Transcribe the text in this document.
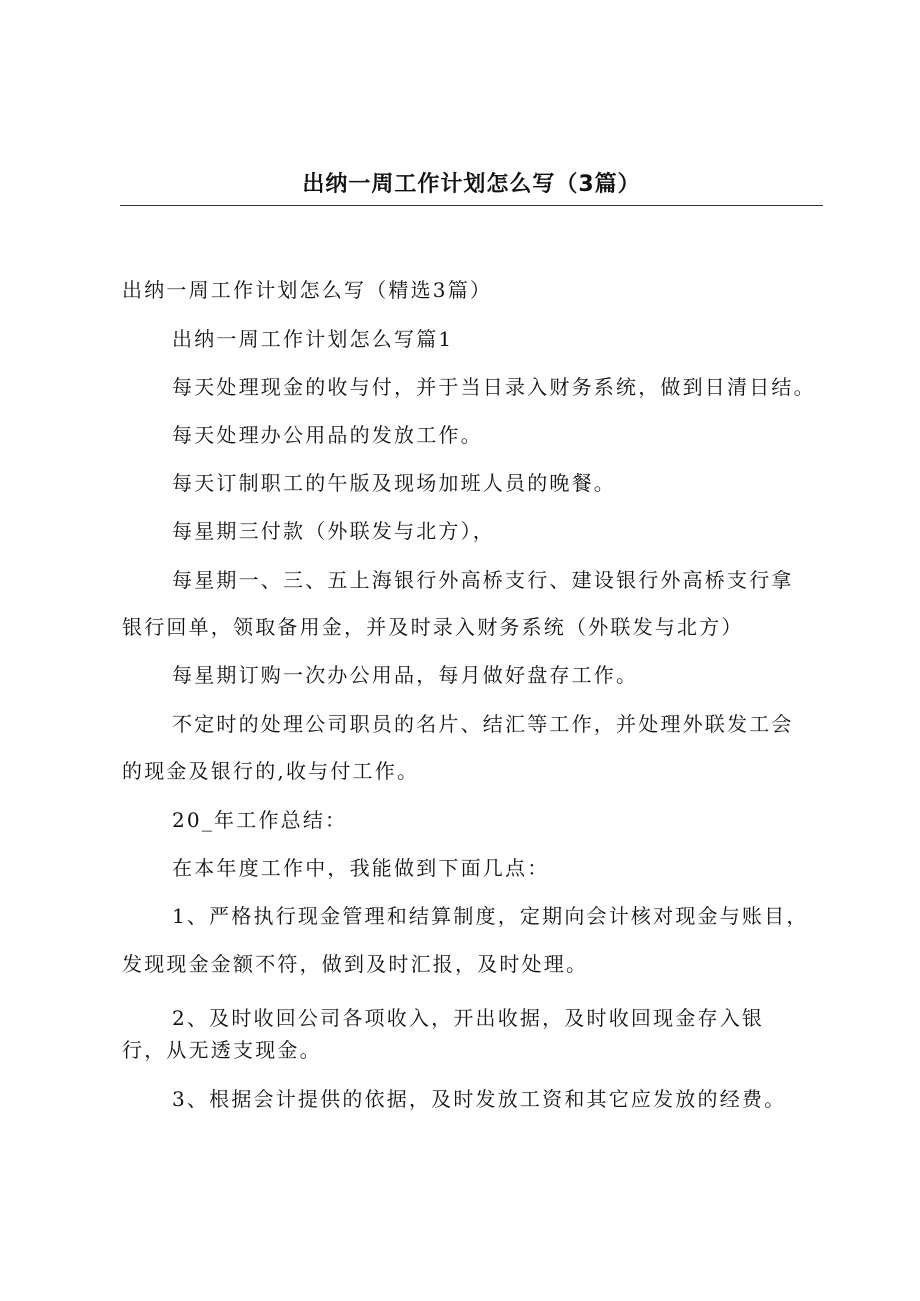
出纳一周工作计划怎么写（3篇）
出纳一周工作计划怎么写（精选3篇）
出纳一周工作计划怎么写篇1
每天处理现金的收与付，并于当日录入财务系统，做到日清日结。
每天处理办公用品的发放工作。
每天订制职工的午版及现场加班人员的晚餐。
每星期三付款（外联发与北方），
每星期一、三、五上海银行外高桥支行、建设银行外高桥支行拿
银行回单，领取备用金，并及时录入财务系统（外联发与北方）
每星期订购一次办公用品，每月做好盘存工作。
不定时的处理公司职员的名片、结汇等工作，并处理外联发工会
的现金及银行的,收与付工作。
20_年工作总结：
在本年度工作中，我能做到下面几点：
1、严格执行现金管理和结算制度，定期向会计核对现金与账目，
发现现金金额不符，做到及时汇报，及时处理。
2、及时收回公司各项收入，开出收据，及时收回现金存入银
行，从无透支现金。
3、根据会计提供的依据，及时发放工资和其它应发放的经费。
